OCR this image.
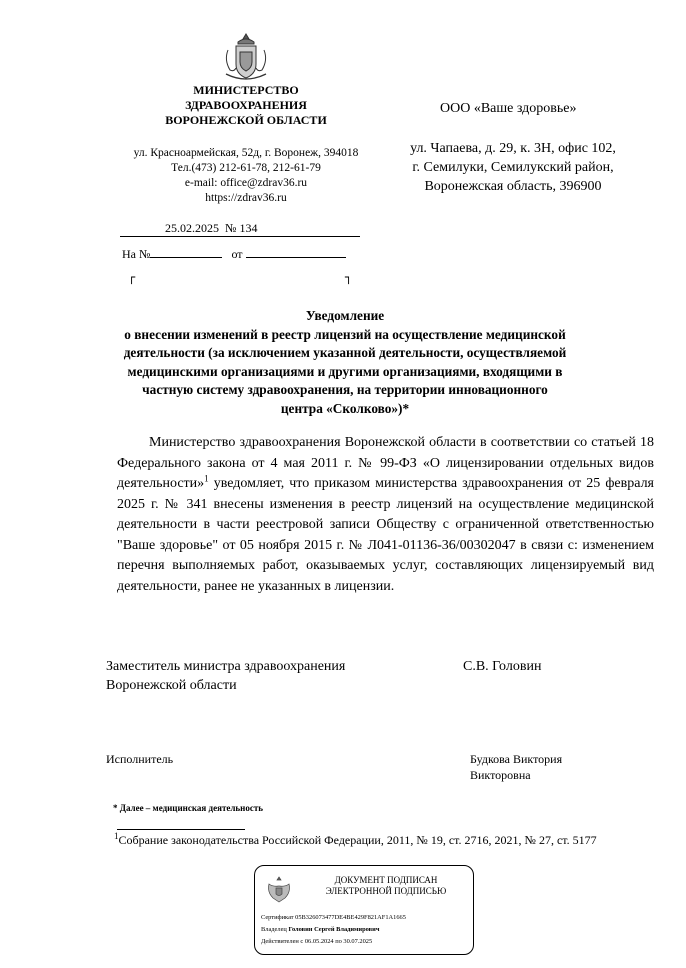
МИНИСТЕРСТВО
ЗДРАВООХРАНЕНИЯ
ВОРОНЕЖСКОЙ ОБЛАСТИ
ул. Красноармейская, 52д, г. Воронеж, 394018
Тел.(473) 212-61-78, 212-61-79
e-mail: office@zdrav36.ru
https://zdrav36.ru
25.02.2025  № 134
На №	от
┌	┐
ООО «Ваше здоровье»
ул. Чапаева, д. 29, к. 3Н, офис 102,
г. Семилуки, Семилукский район,
Воронежская область, 396900
Уведомление
о внесении изменений в реестр лицензий на осуществление медицинской
деятельности (за исключением указанной деятельности, осуществляемой
медицинскими организациями и другими организациями, входящими в
частную систему здравоохранения, на территории инновационного
центра «Сколково»)*
Министерство здравоохранения Воронежской области в соответствии со статьей 18 Федерального закона от 4 мая 2011 г. № 99-ФЗ «О лицензировании отдельных видов деятельности»$^1$ уведомляет, что приказом министерства здравоохранения от 25 февраля 2025 г. № 341 внесены изменения в реестр лицензий на осуществление медицинской деятельности в части реестровой записи Обществу с ограниченной ответственностью "Ваше здоровье" от 05 ноября 2015 г. № Л041-01136-36/00302047 в связи с: изменением перечня выполняемых работ, оказываемых услуг, составляющих лицензируемый вид деятельности, ранее не указанных в лицензии.
Заместитель министра здравоохранения
Воронежской области
С.В. Головин
Исполнитель	Будкова Виктория
Викторовна
* Далее – медицинская деятельность
$^1$Собрание законодательства Российской Федерации, 2011, № 19, ст. 2716, 2021, № 27, ст. 5177
ДОКУМЕНТ ПОДПИСАН
ЭЛЕКТРОННОЙ ПОДПИСЬЮ
Сертификат 05B326073477DE4BE429F821AF1A1665
Владелец Головин Сергей Владимирович
Действителен с 06.05.2024 по 30.07.2025
